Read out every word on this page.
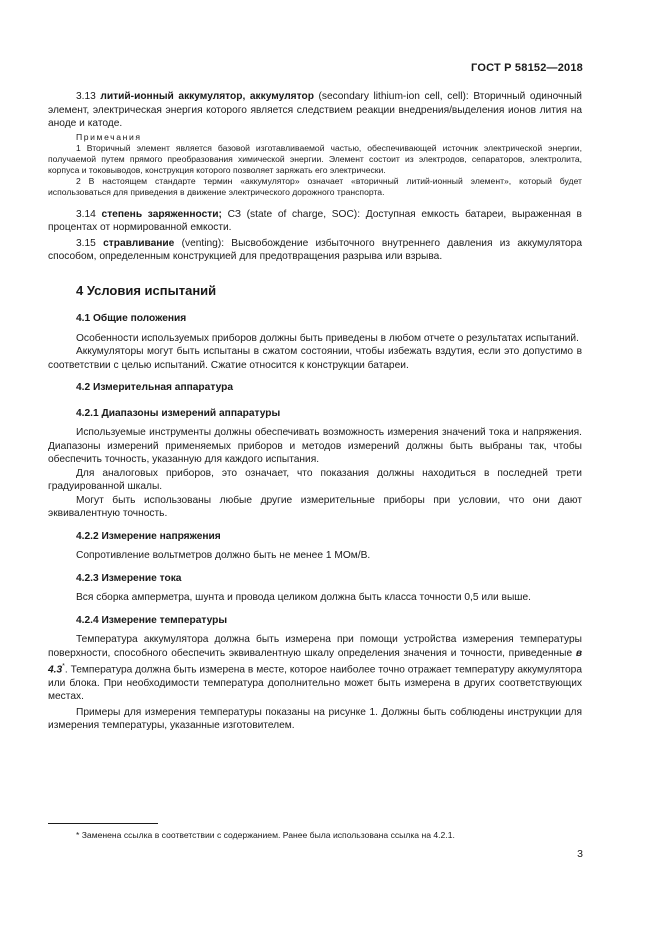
ГОСТ Р 58152—2018

3.13 литий-ионный аккумулятор, аккумулятор (secondary lithium-ion cell, cell): Вторичный одиночный элемент, электрическая энергия которого является следствием реакции внедрения/выделения ионов лития на аноде и катоде.

Примечания

1 Вторичный элемент является базовой изготавливаемой частью, обеспечивающей источник электрической энергии, получаемой путем прямого преобразования химической энергии. Элемент состоит из электродов, сепараторов, электролита, корпуса и токовыводов, конструкция которого позволяет заряжать его электрически.

2 В настоящем стандарте термин «аккумулятор» означает «вторичный литий-ионный элемент», который будет использоваться для приведения в движение электрического дорожного транспорта.

3.14 степень заряженности; СЗ (state of charge, SOC): Доступная емкость батареи, выраженная в процентах от нормированной емкости.

3.15 стравливание (venting): Высвобождение избыточного внутреннего давления из аккумулятора способом, определенным конструкцией для предотвращения разрыва или взрыва.

4 Условия испытаний

4.1 Общие положения

Особенности используемых приборов должны быть приведены в любом отчете о результатах испытаний.

Аккумуляторы могут быть испытаны в сжатом состоянии, чтобы избежать вздутия, если это допустимо в соответствии с целью испытаний. Сжатие относится к конструкции батареи.

4.2 Измерительная аппаратура

4.2.1 Диапазоны измерений аппаратуры

Используемые инструменты должны обеспечивать возможность измерения значений тока и напряжения. Диапазоны измерений применяемых приборов и методов измерений должны быть выбраны так, чтобы обеспечить точность, указанную для каждого испытания.

Для аналоговых приборов, это означает, что показания должны находиться в последней трети градуированной шкалы.

Могут быть использованы любые другие измерительные приборы при условии, что они дают эквивалентную точность.

4.2.2 Измерение напряжения

Сопротивление вольтметров должно быть не менее 1 МОм/В.

4.2.3 Измерение тока

Вся сборка амперметра, шунта и провода целиком должна быть класса точности 0,5 или выше.

4.2.4 Измерение температуры

Температура аккумулятора должна быть измерена при помощи устройства измерения температуры поверхности, способного обеспечить эквивалентную шкалу определения значения и точности, приведенные в 4.3*. Температура должна быть измерена в месте, которое наиболее точно отражает температуру аккумулятора или блока. При необходимости температура дополнительно может быть измерена в других соответствующих местах.

Примеры для измерения температуры показаны на рисунке 1. Должны быть соблюдены инструкции для измерения температуры, указанные изготовителем.

* Заменена ссылка в соответствии с содержанием. Ранее была использована ссылка на 4.2.1.
3
